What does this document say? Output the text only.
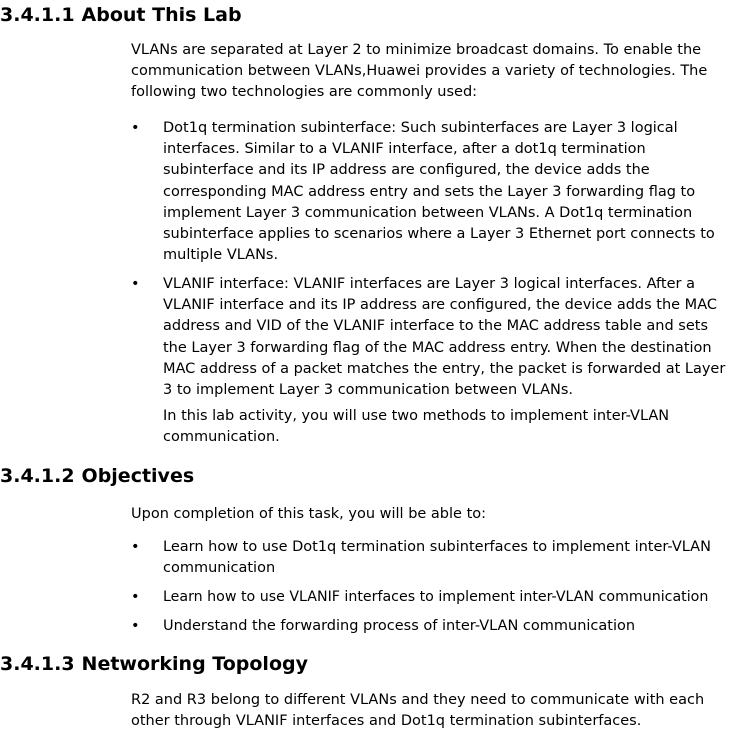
3.4.1.1 About This Lab

VLANs are separated at Layer 2 to minimize broadcast domains. To enable the communication between VLANs,Huawei provides a variety of technologies. The following two technologies are commonly used:

•	Dot1q termination subinterface: Such subinterfaces are Layer 3 logical interfaces. Similar to a VLANIF interface, after a dot1q termination subinterface and its IP address are configured, the device adds the corresponding MAC address entry and sets the Layer 3 forwarding flag to implement Layer 3 communication between VLANs. A Dot1q termination subinterface applies to scenarios where a Layer 3 Ethernet port connects to multiple VLANs.
•	VLANIF interface: VLANIF interfaces are Layer 3 logical interfaces. After a VLANIF interface and its IP address are configured, the device adds the MAC address and VID of the VLANIF interface to the MAC address table and sets the Layer 3 forwarding flag of the MAC address entry. When the destination MAC address of a packet matches the entry, the packet is forwarded at Layer 3 to implement Layer 3 communication between VLANs.

In this lab activity, you will use two methods to implement inter-VLAN communication.

3.4.1.2 Objectives

Upon completion of this task, you will be able to:

•	Learn how to use Dot1q termination subinterfaces to implement inter-VLAN communication
•	Learn how to use VLANIF interfaces to implement inter-VLAN communication
•	Understand the forwarding process of inter-VLAN communication
3.4.1.3 Networking Topology

R2 and R3 belong to different VLANs and they need to communicate with each other through VLANIF interfaces and Dot1q termination subinterfaces.
